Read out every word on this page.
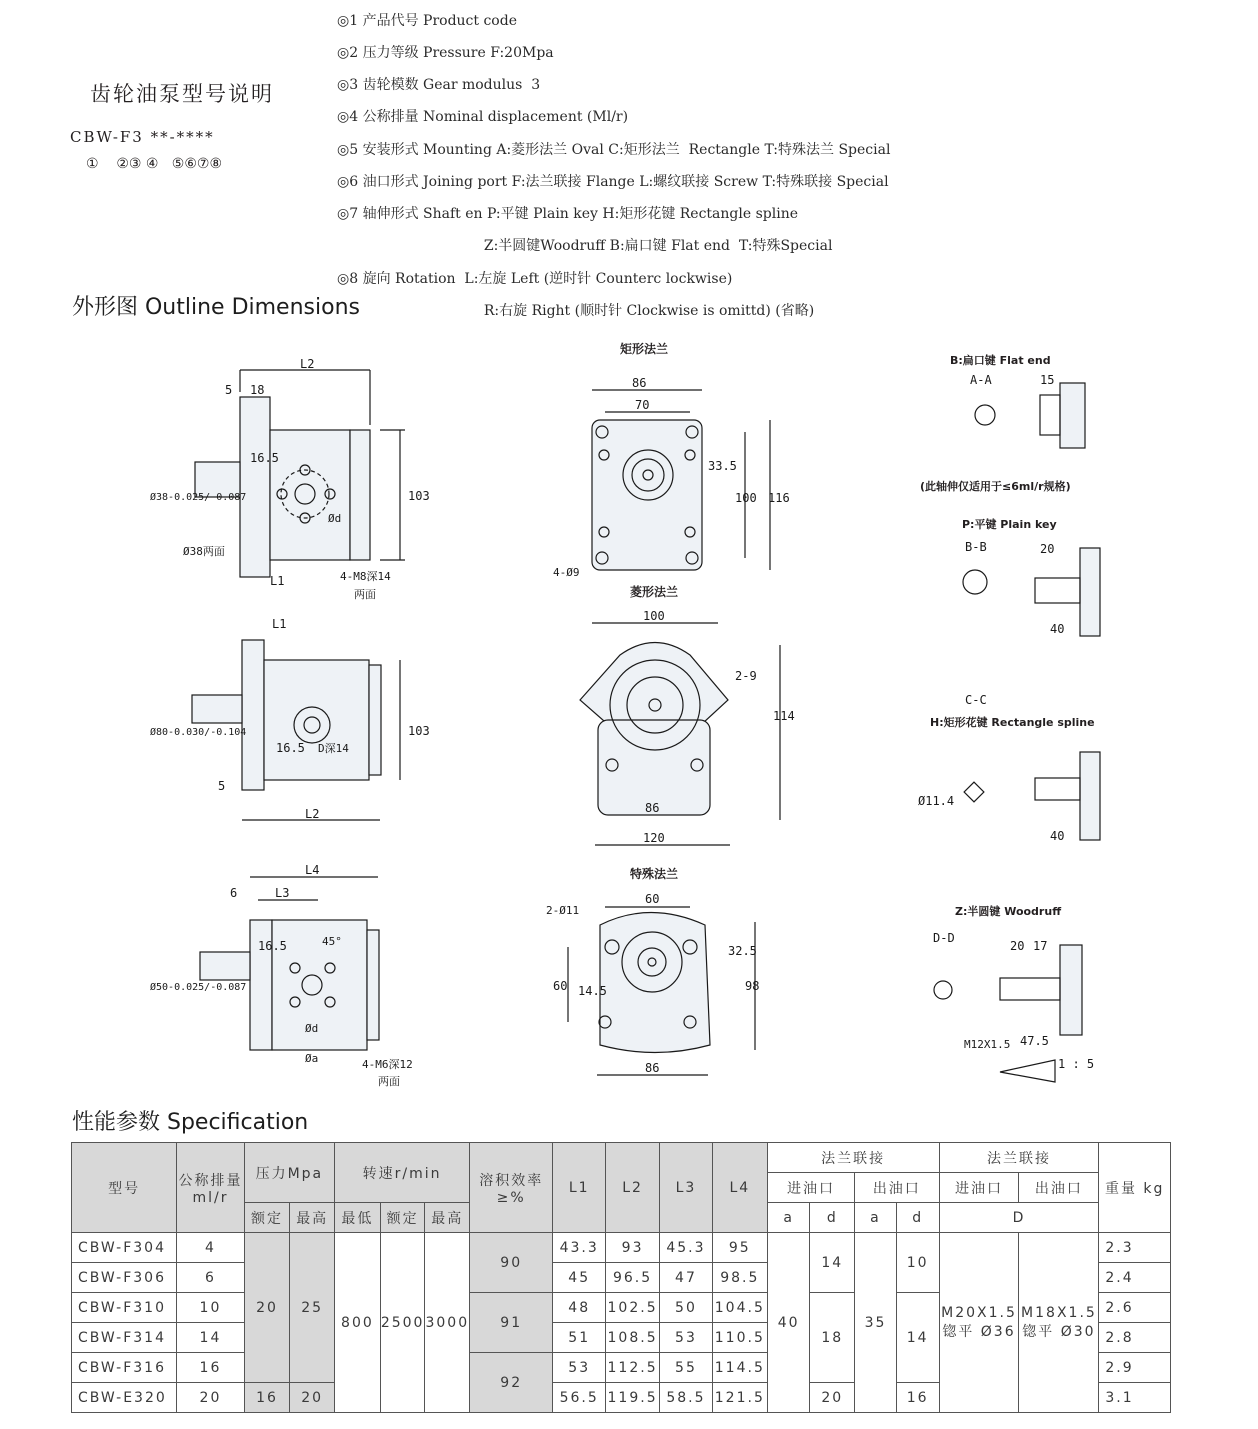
齿轮油泵型号说明
CBW-F3 **-****
①    ②③ ④   ⑤⑥⑦⑧
◎1 产品代号 Product code
◎2 压力等级 Pressure F:20Mpa
◎3 齿轮模数 Gear modulus  3
◎4 公称排量 Nominal displacement (Ml/r)
◎5 安装形式 Mounting A:菱形法兰 Oval C:矩形法兰  Rectangle T:特殊法兰 Special
◎6 油口形式 Joining port F:法兰联接 Flange L:螺纹联接 Screw T:特殊联接 Special
◎7 轴伸形式 Shaft en P:平键 Plain key H:矩形花键 Rectangle spline
Z:半圆键Woodruff B:扁口键 Flat end  T:特殊Special
◎8 旋向 Rotation  L:左旋 Left (逆时针 Counterc lockwise)
R:右旋 Right (顺时针 Clockwise is omittd) (省略)
外形图 Outline Dimensions
L2
5 18
103
16.5
L1
Ø38-0.025/-0.087
Ø38两面
4-M8深14
两面
Ød
L1
L2
5
103
16.5 D深14
Ø80-0.030/-0.104
L4
L3
6
16.5	45°
Ød
Øa	4-M6深12
两面
Ø50-0.025/-0.087
86
70
33.5
100 116
4-Ø9
100
86
120
114
2-9
60
86
98
32.5
60 14.5
2-Ø11
15
A-A
B-B	20
40
C-C
Ø11.4
40
D-D
20 17
47.5
1 : 5
M12X1.5
矩形法兰
菱形法兰
特殊法兰
B:扁口键 Flat end
(此轴伸仅适用于≤6ml/r规格)
P:平键 Plain key
H:矩形花键 Rectangle spline
Z:半圆键 Woodruff
性能参数 Specification
型号	公称排量 ml/r	压力Mpa		转速r/min			溶积效率 ≥%	L1	L2	L3	L4	法兰联接				法兰联接		重量 kg
												进油口		出油口		进油口	出油口	
		额定	最高	最低	额定	最高						a	d	a	d	D		
CBW-F304	4	20	25	800	2500	3000	90	43.3	93	45.3	95	40	14	35	10	M20X1.5 锪平 Ø36	M18X1.5 锪平 Ø30	2.3
CBW-F306	6							45	96.5	47	98.5							2.4
CBW-F310	10						91	48	102.5	50	104.5		18		14			2.6
CBW-F314	14							51	108.5	53	110.5							2.8
CBW-F316	16						92	53	112.5	55	114.5							2.9
CBW-E320	20	16	20					56.5	119.5	58.5	121.5		20		16			3.1
